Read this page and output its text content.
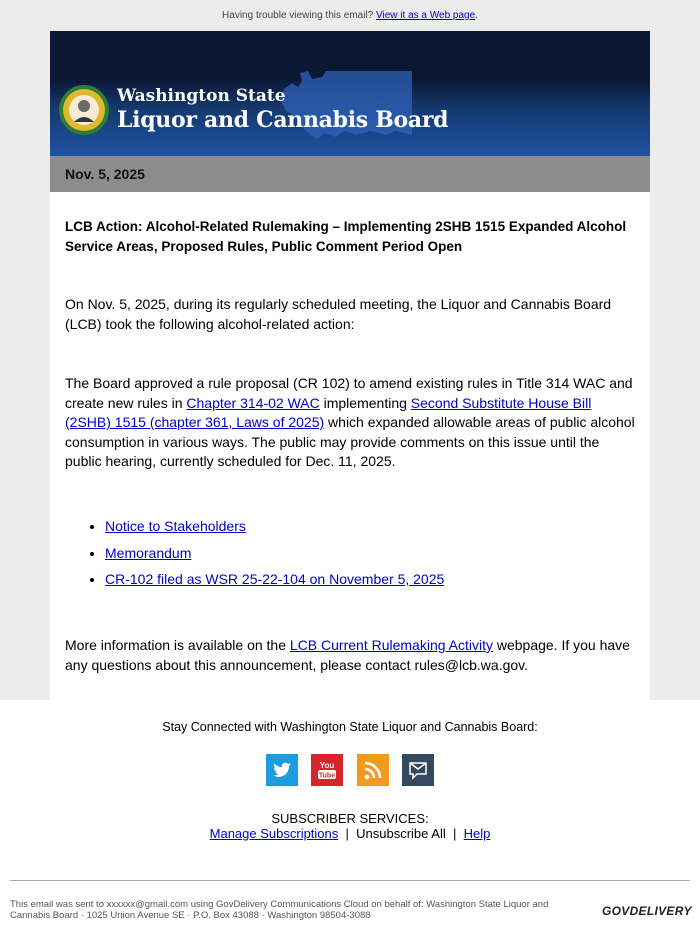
Having trouble viewing this email? View it as a Web page.
Washington State
Liquor and Cannabis Board
Nov. 5, 2025
LCB Action: Alcohol-Related Rulemaking – Implementing 2SHB 1515 Expanded Alcohol Service Areas, Proposed Rules, Public Comment Period Open
On Nov. 5, 2025, during its regularly scheduled meeting, the Liquor and Cannabis Board (LCB) took the following alcohol-related action:
The Board approved a rule proposal (CR 102) to amend existing rules in Title 314 WAC and create new rules in Chapter 314-02 WAC implementing Second Substitute House Bill (2SHB) 1515 (chapter 361, Laws of 2025) which expanded allowable areas of public alcohol consumption in various ways. The public may provide comments on this issue until the public hearing, currently scheduled for Dec. 11, 2025.
• Notice to Stakeholders
• Memorandum
• CR-102 filed as WSR 25-22-104 on November 5, 2025
More information is available on the LCB Current Rulemaking Activity webpage. If you have any questions about this announcement, please contact rules@lcb.wa.gov.
Stay Connected with Washington State Liquor and Cannabis Board:
You
Tube
SUBSCRIBER SERVICES:
Manage Subscriptions | Unsubscribe All | Help
This email was sent to xxxxxx@gmail.com using GovDelivery Communications Cloud on behalf of: Washington State Liquor and Cannabis Board · 1025 Union Avenue SE · P.O. Box 43088 · Washington 98504-3088	GOVDELIVERY
